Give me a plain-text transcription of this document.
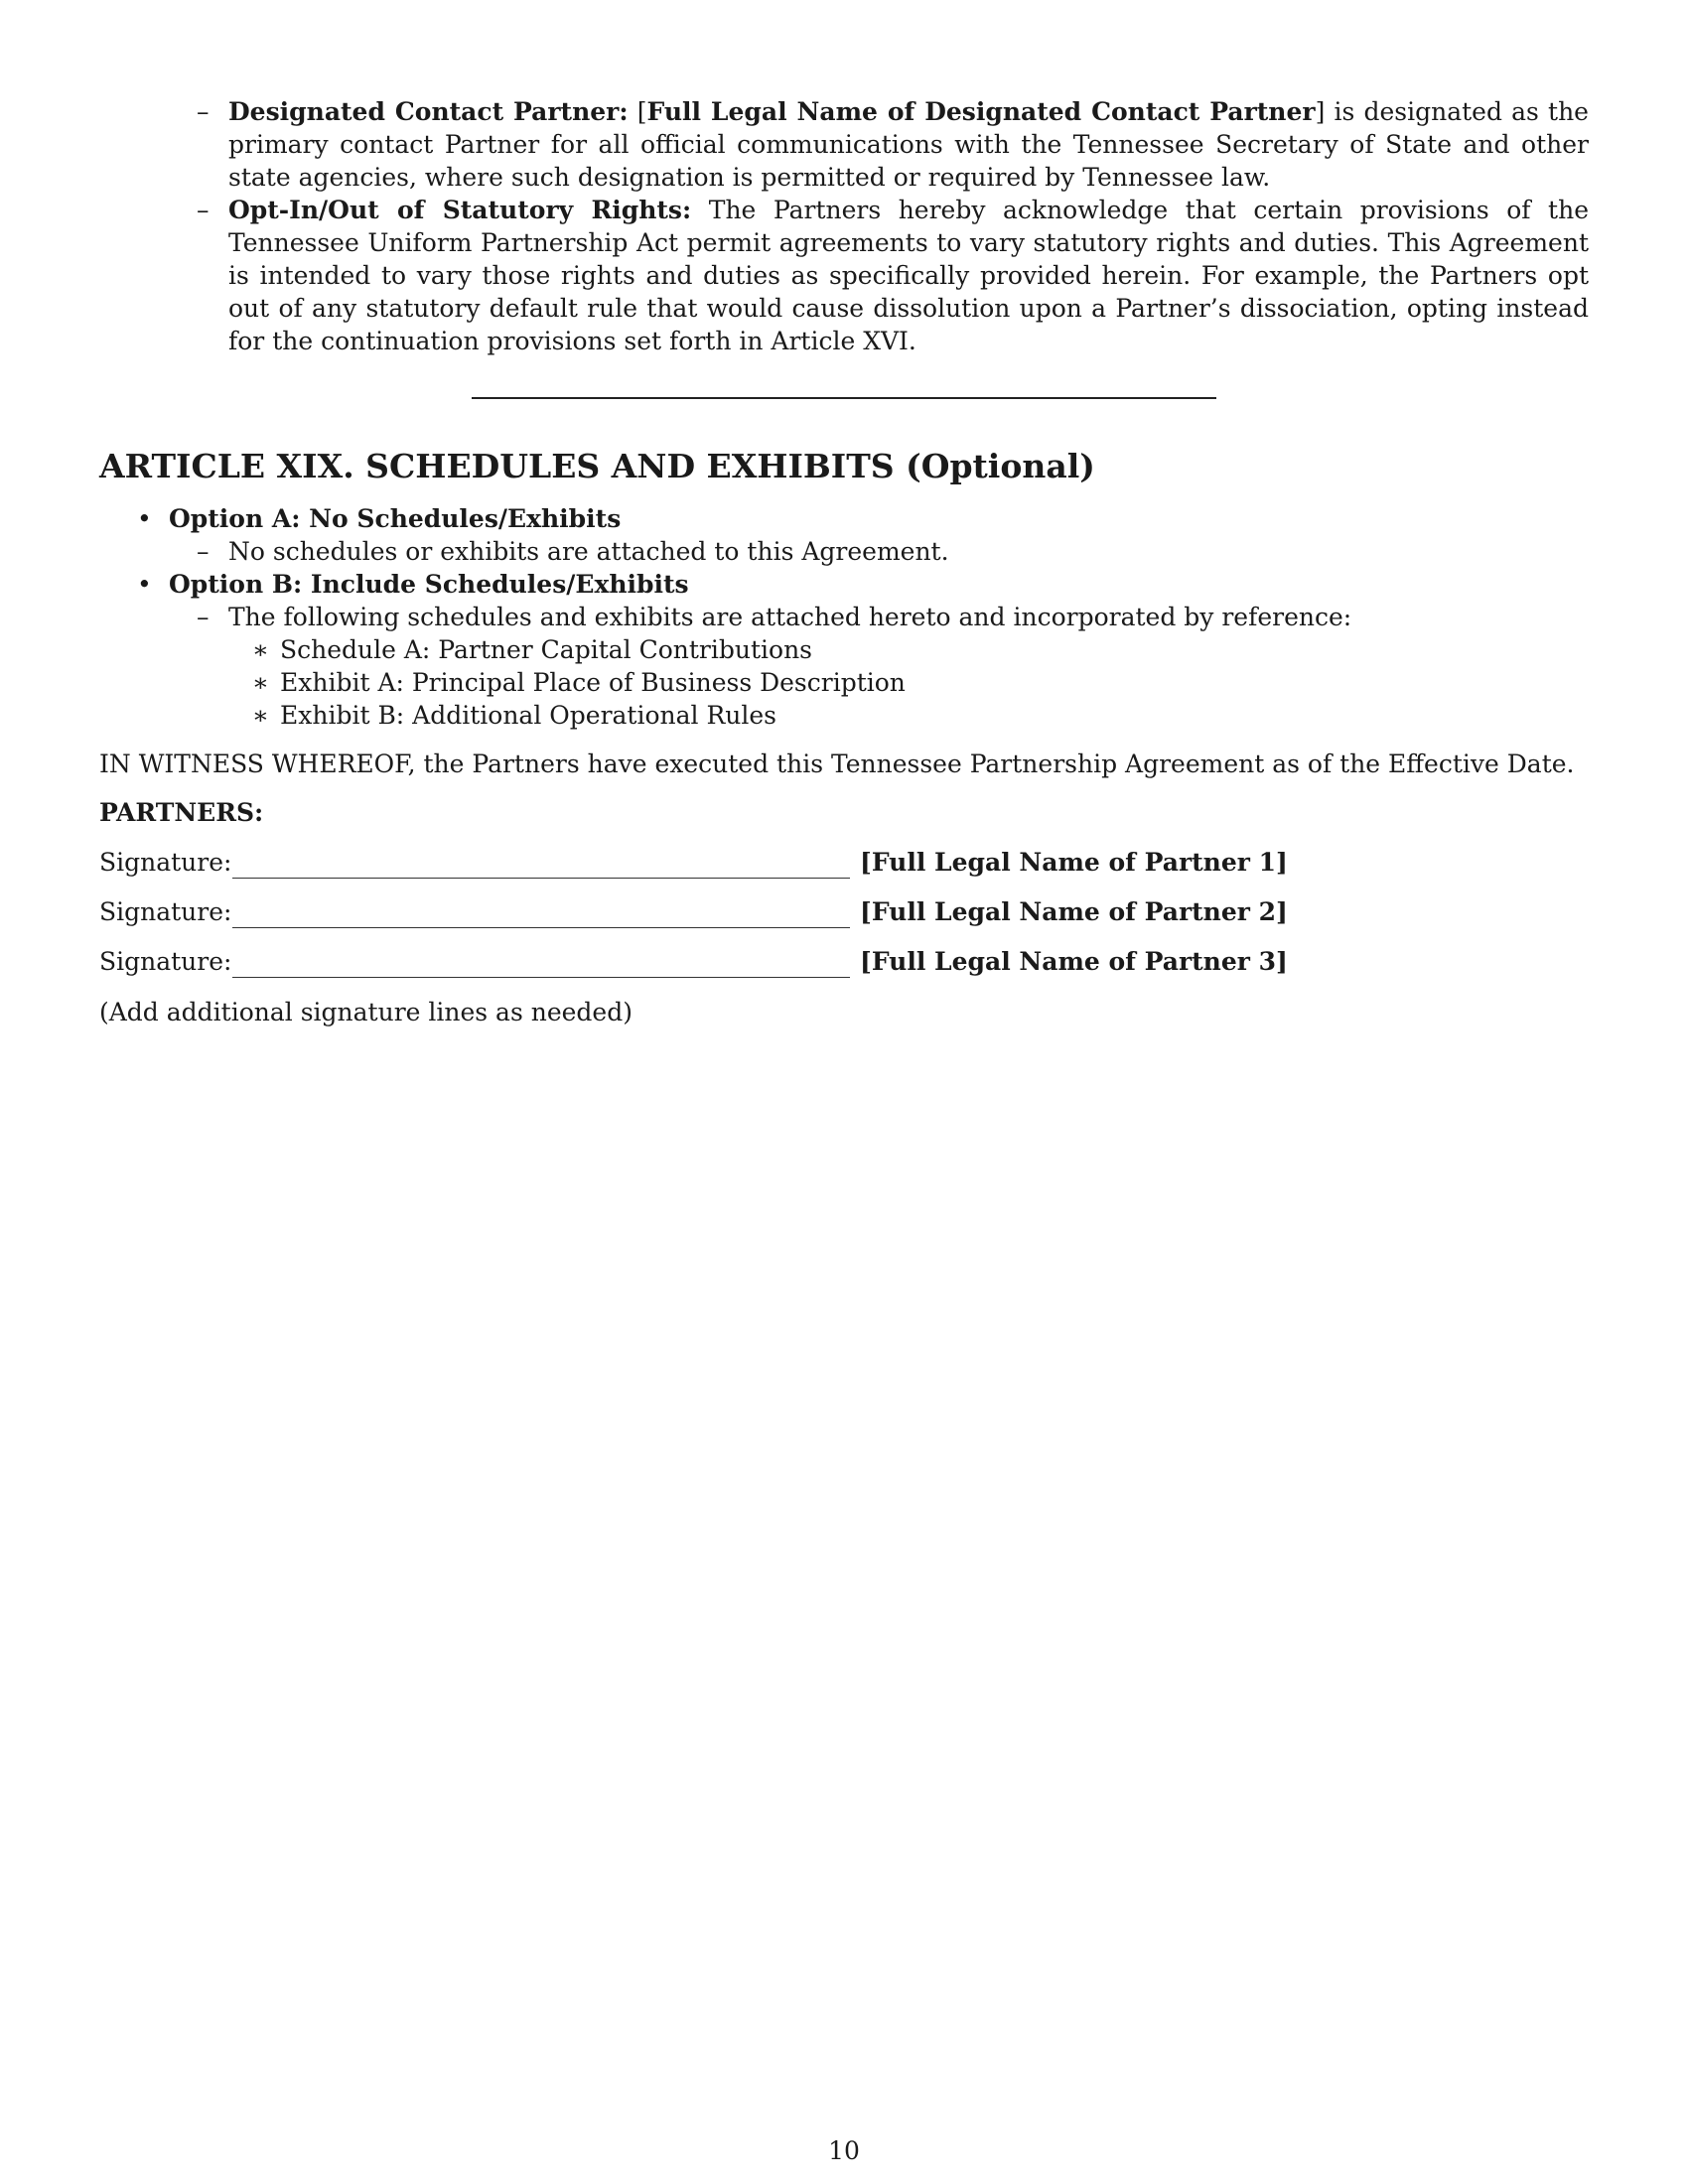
– Designated Contact Partner: [Full Legal Name of Designated Contact Partner] is designated as the primary contact Partner for all official communications with the Tennessee Secretary of State and other state agencies, where such designation is permitted or required by Tennessee law.
– Opt-In/Out of Statutory Rights: The Partners hereby acknowledge that certain provisions of the Tennessee Uniform Partnership Act permit agreements to vary statutory rights and duties. This Agreement is intended to vary those rights and duties as specifically provided herein. For example, the Partners opt out of any statutory default rule that would cause dissolution upon a Partner’s dissociation, opting instead for the continuation provisions set forth in Article XVI.
ARTICLE XIX. SCHEDULES AND EXHIBITS (Optional)
• Option A: No Schedules/Exhibits
– No schedules or exhibits are attached to this Agreement.
• Option B: Include Schedules/Exhibits
– The following schedules and exhibits are attached hereto and incorporated by reference:
∗ Schedule A: Partner Capital Contributions
∗ Exhibit A: Principal Place of Business Description
∗ Exhibit B: Additional Operational Rules
IN WITNESS WHEREOF, the Partners have executed this Tennessee Partnership Agreement as of the Effective Date.
PARTNERS:
Signature:	[Full Legal Name of Partner 1]
Signature:	[Full Legal Name of Partner 2]
Signature:	[Full Legal Name of Partner 3]
(Add additional signature lines as needed)
10
